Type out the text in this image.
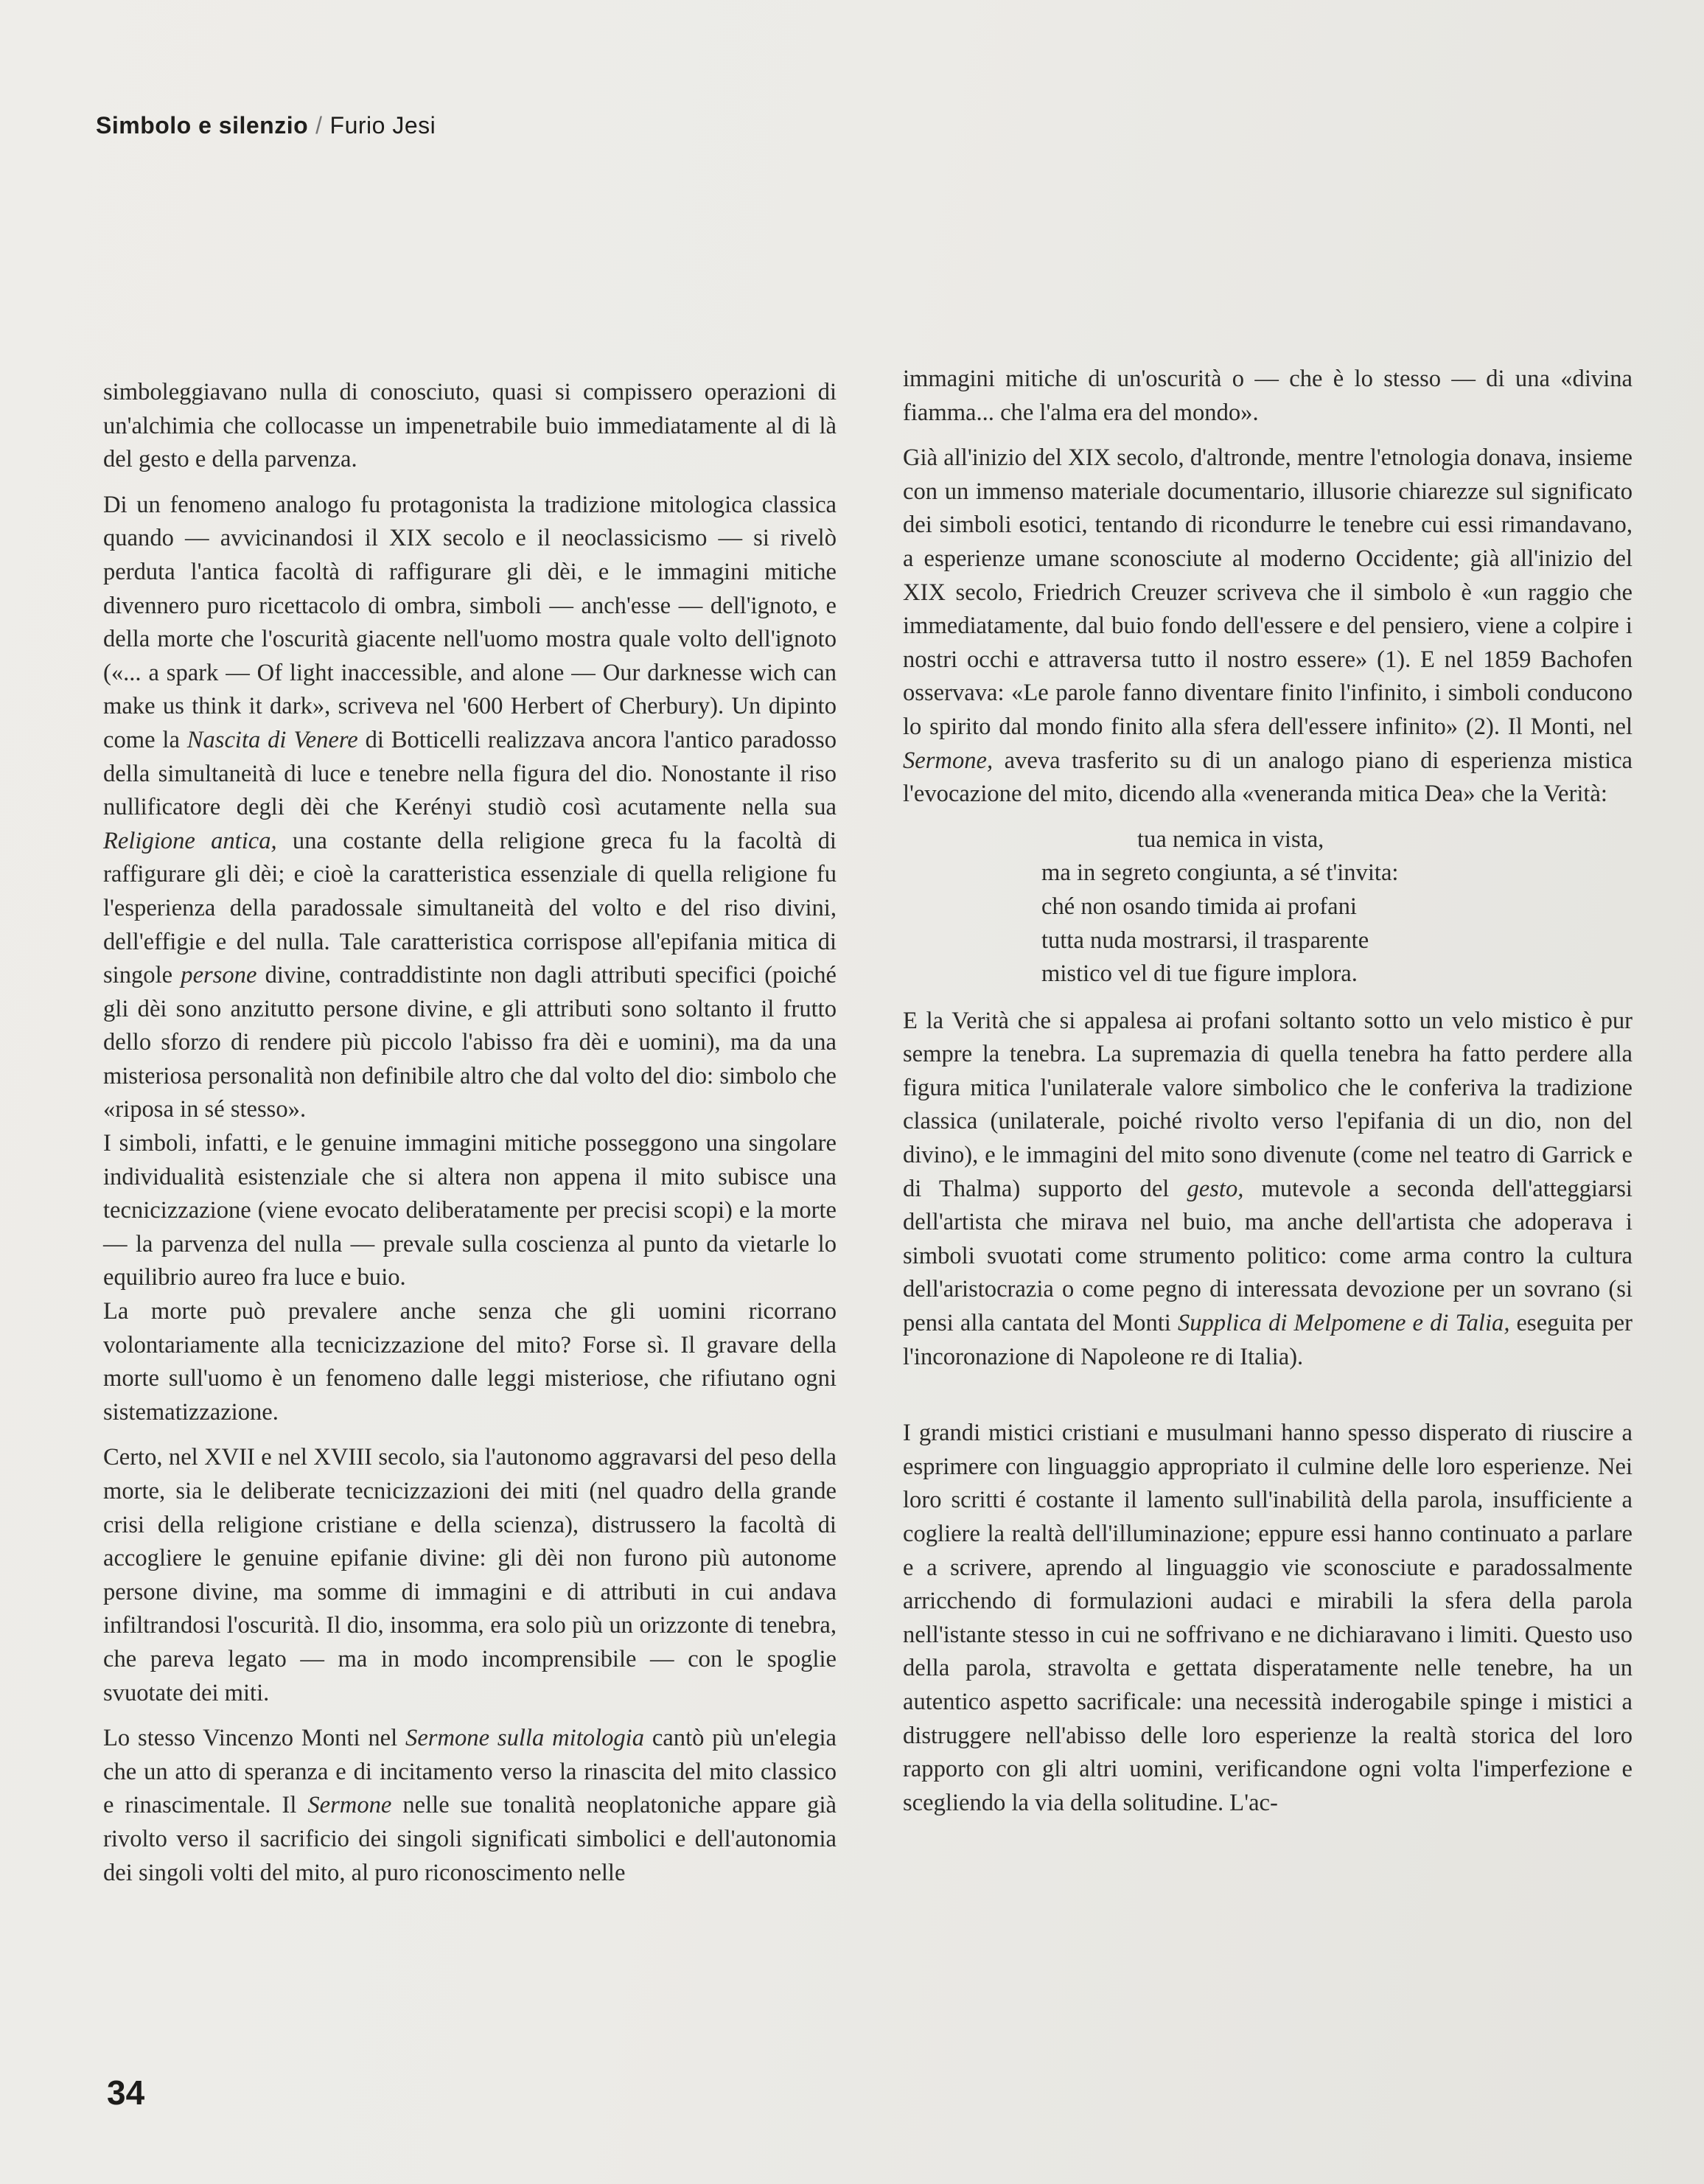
Simbolo e silenzio / Furio Jesi

simboleggiavano nulla di conosciuto, quasi si compissero operazioni di un'alchimia che collocasse un impenetrabile buio immediatamente al di là del gesto e della parvenza.

Di un fenomeno analogo fu protagonista la tradizione mitologica classica quando — avvicinandosi il XIX secolo e il neoclassicismo — si rivelò perduta l'antica facoltà di raffigurare gli dèi, e le immagini mitiche divennero puro ricettacolo di ombra, simboli — anch'esse — dell'ignoto, e della morte che l'oscurità giacente nell'uomo mostra quale volto dell'ignoto («... a spark — Of light inaccessible, and alone — Our darknesse wich can make us think it dark», scriveva nel '600 Herbert of Cherbury). Un dipinto come la Nascita di Venere di Botticelli realizzava ancora l'antico paradosso della simultaneità di luce e tenebre nella figura del dio. Nonostante il riso nullificatore degli dèi che Kerényi studiò così acutamente nella sua Religione antica, una costante della religione greca fu la facoltà di raffigurare gli dèi; e cioè la caratteristica essenziale di quella religione fu l'esperienza della paradossale simultaneità del volto e del riso divini, dell'effigie e del nulla. Tale caratteristica corrispose all'epifania mitica di singole persone divine, contraddistinte non dagli attributi specifici (poiché gli dèi sono anzitutto persone divine, e gli attributi sono soltanto il frutto dello sforzo di rendere più piccolo l'abisso fra dèi e uomini), ma da una misteriosa personalità non definibile altro che dal volto del dio: simbolo che «riposa in sé stesso».

I simboli, infatti, e le genuine immagini mitiche posseggono una singolare individualità esistenziale che si altera non appena il mito subisce una tecnicizzazione (viene evocato deliberatamente per precisi scopi) e la morte — la parvenza del nulla — prevale sulla coscienza al punto da vietarle lo equilibrio aureo fra luce e buio.

La morte può prevalere anche senza che gli uomini ricorrano volontariamente alla tecnicizzazione del mito? Forse sì. Il gravare della morte sull'uomo è un fenomeno dalle leggi misteriose, che rifiutano ogni sistematizzazione.

Certo, nel XVII e nel XVIII secolo, sia l'autonomo aggravarsi del peso della morte, sia le deliberate tecnicizzazioni dei miti (nel quadro della grande crisi della religione cristiane e della scienza), distrussero la facoltà di accogliere le genuine epifanie divine: gli dèi non furono più autonome persone divine, ma somme di immagini e di attributi in cui andava infiltrandosi l'oscurità. Il dio, insomma, era solo più un orizzonte di tenebra, che pareva legato — ma in modo incomprensibile — con le spoglie svuotate dei miti.

Lo stesso Vincenzo Monti nel Sermone sulla mitologia cantò più un'elegia che un atto di speranza e di incitamento verso la rinascita del mito classico e rinascimentale. Il Sermone nelle sue tonalità neoplatoniche appare già rivolto verso il sacrificio dei singoli significati simbolici e dell'autonomia dei singoli volti del mito, al puro riconoscimento nelle

immagini mitiche di un'oscurità o — che è lo stesso — di una «divina fiamma... che l'alma era del mondo».

Già all'inizio del XIX secolo, d'altronde, mentre l'etnologia donava, insieme con un immenso materiale documentario, illusorie chiarezze sul significato dei simboli esotici, tentando di ricondurre le tenebre cui essi rimandavano, a esperienze umane sconosciute al moderno Occidente; già all'inizio del XIX secolo, Friedrich Creuzer scriveva che il simbolo è «un raggio che immediatamente, dal buio fondo dell'essere e del pensiero, viene a colpire i nostri occhi e attraversa tutto il nostro essere» (1). E nel 1859 Bachofen osservava: «Le parole fanno diventare finito l'infinito, i simboli conducono lo spirito dal mondo finito alla sfera dell'essere infinito» (2). Il Monti, nel Sermone, aveva trasferito su di un analogo piano di esperienza mistica l'evocazione del mito, dicendo alla «veneranda mitica Dea» che la Verità:

tua nemica in vista,
ma in segreto congiunta, a sé t'invita:
ché non osando timida ai profani
tutta nuda mostrarsi, il trasparente
mistico vel di tue figure implora.

E la Verità che si appalesa ai profani soltanto sotto un velo mistico è pur sempre la tenebra. La supremazia di quella tenebra ha fatto perdere alla figura mitica l'unilaterale valore simbolico che le conferiva la tradizione classica (unilaterale, poiché rivolto verso l'epifania di un dio, non del divino), e le immagini del mito sono divenute (come nel teatro di Garrick e di Thalma) supporto del gesto, mutevole a seconda dell'atteggiarsi dell'artista che mirava nel buio, ma anche dell'artista che adoperava i simboli svuotati come strumento politico: come arma contro la cultura dell'aristocrazia o come pegno di interessata devozione per un sovrano (si pensi alla cantata del Monti Supplica di Melpomene e di Talia, eseguita per l'incoronazione di Napoleone re di Italia).

I grandi mistici cristiani e musulmani hanno spesso disperato di riuscire a esprimere con linguaggio appropriato il culmine delle loro esperienze. Nei loro scritti é costante il lamento sull'inabilità della parola, insufficiente a cogliere la realtà dell'illuminazione; eppure essi hanno continuato a parlare e a scrivere, aprendo al linguaggio vie sconosciute e paradossalmente arricchendo di formulazioni audaci e mirabili la sfera della parola nell'istante stesso in cui ne soffrivano e ne dichiaravano i limiti. Questo uso della parola, stravolta e gettata disperatamente nelle tenebre, ha un autentico aspetto sacrificale: una necessità inderogabile spinge i mistici a distruggere nell'abisso delle loro esperienze la realtà storica del loro rapporto con gli altri uomini, verificandone ogni volta l'imperfezione e scegliendo la via della solitudine. L'ac-

34
